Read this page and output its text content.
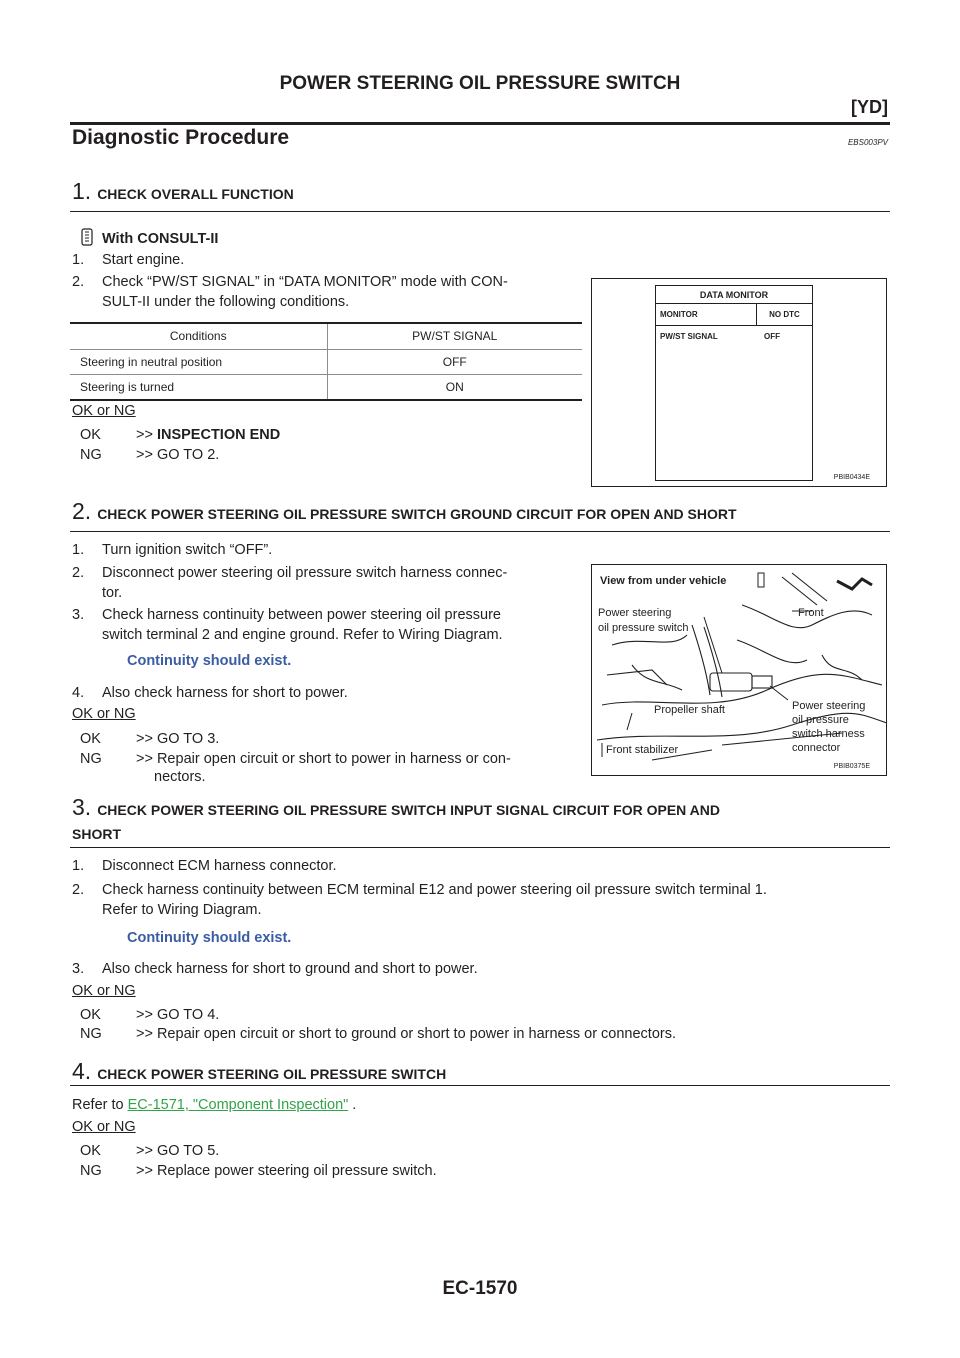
POWER STEERING OIL PRESSURE SWITCH
[YD]
Diagnostic Procedure	EBS003PV
1. CHECK OVERALL FUNCTION
With CONSULT-II
1. Start engine.
2. Check “PW/ST SIGNAL” in “DATA MONITOR” mode with CON-
SULT-II under the following conditions.
Conditions	PW/ST SIGNAL
Steering in neutral position	OFF
Steering is turned	ON
OK or NG
OK >> INSPECTION END
NG >> GO TO 2.
DATA MONITOR
MONITOR	NO DTC
PW/ST SIGNAL	OFF
PBIB0434E
2. CHECK POWER STEERING OIL PRESSURE SWITCH GROUND CIRCUIT FOR OPEN AND SHORT
1. Turn ignition switch “OFF”.
2. Disconnect power steering oil pressure switch harness connec-
tor.
3. Check harness continuity between power steering oil pressure
switch terminal 2 and engine ground. Refer to Wiring Diagram.
Continuity should exist.
4. Also check harness for short to power.
OK or NG
OK >> GO TO 3.
NG >> Repair open circuit or short to power in harness or con-
nectors.
View from under vehicle
Power steering
oil pressure switch
Front
Propeller shaft
Front stabilizer
Power steering
oil pressure
switch harness
connector
PBIB0375E
3. CHECK POWER STEERING OIL PRESSURE SWITCH INPUT SIGNAL CIRCUIT FOR OPEN AND
SHORT
1. Disconnect ECM harness connector.
2. Check harness continuity between ECM terminal E12 and power steering oil pressure switch terminal 1.
Refer to Wiring Diagram.
Continuity should exist.
3. Also check harness for short to ground and short to power.
OK or NG
OK >> GO TO 4.
NG >> Repair open circuit or short to ground or short to power in harness or connectors.
4. CHECK POWER STEERING OIL PRESSURE SWITCH
Refer to EC-1571, "Component Inspection" .
OK or NG
OK >> GO TO 5.
NG >> Replace power steering oil pressure switch.
EC-1570
